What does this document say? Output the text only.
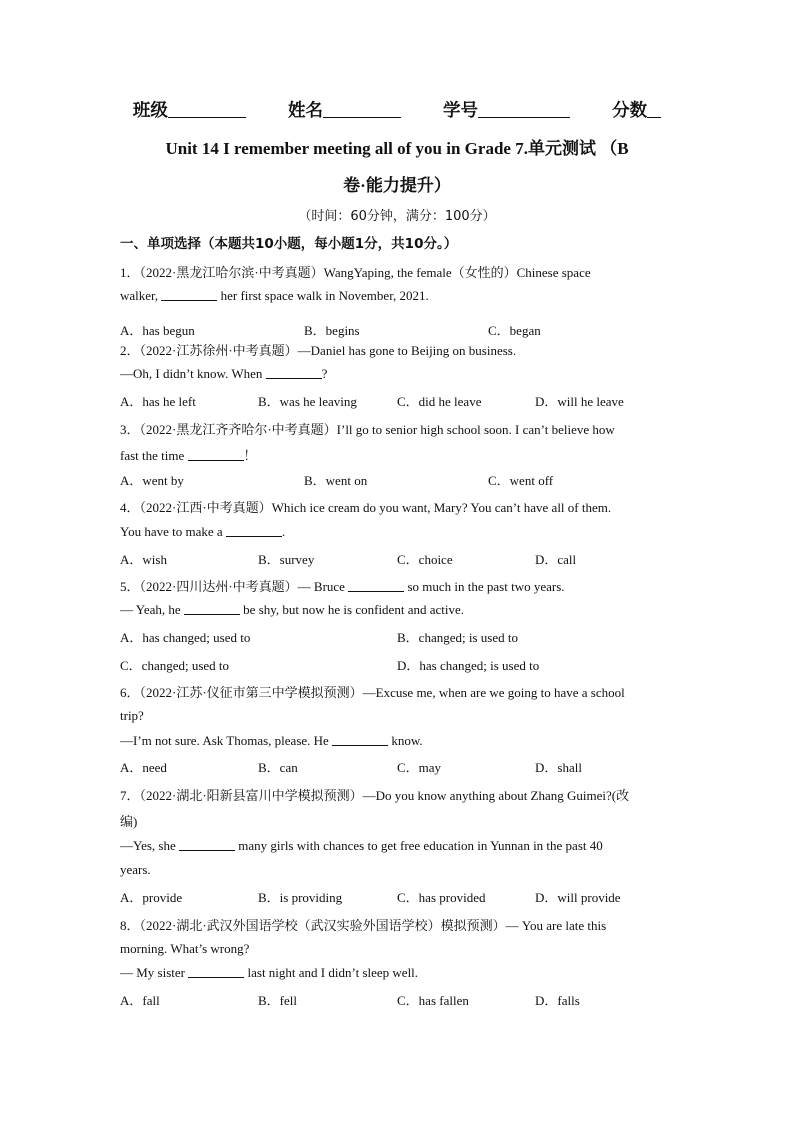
班级	姓名	学号	分数
Unit 14 I remember meeting all of you in Grade 7.单元测试 （B
卷·能力提升）
（时间：60分钟，满分：100分）
一、单项选择（本题共10小题，每小题1分，共10分。）
1．（2022·黑龙江哈尔滨·中考真题）WangYaping, the female（女性的）Chinese space
walker,	her first space walk in November, 2021.
A．has begun	B．begins	C．began
2．（2022·江苏徐州·中考真题）—Daniel has gone to Beijing on business.
—Oh, I didn’t know. When	?
A．has he left	B．was he leaving	C．did he leave	D．will he leave
3．（2022·黑龙江齐齐哈尔·中考真题）I’ll go to senior high school soon. I can’t believe how
fast the time	！
A．went by	B．went on	C．went off
4．（2022·江西·中考真题）Which ice cream do you want, Mary? You can’t have all of them.
You have to make a	.
A．wish	B．survey	C．choice	D．call
5．（2022·四川达州·中考真题）— Bruce	so much in the past two years.
— Yeah, he	be shy, but now he is confident and active.
A．has changed; used to	B．changed; is used to
C．changed; used to	D．has changed; is used to
6．（2022·江苏·仪征市第三中学模拟预测）—Excuse me, when are we going to have a school
trip?
—I’m not sure. Ask Thomas, please. He	know.
A．need	B．can	C．may	D．shall
7．（2022·湖北·阳新县富川中学模拟预测）—Do you know anything about Zhang Guimei?(改
编)
—Yes, she	many girls with chances to get free education in Yunnan in the past 40
years.
A．provide	B．is providing	C．has provided	D．will provide
8．（2022·湖北·武汉外国语学校（武汉实验外国语学校）模拟预测）— You are late this
morning. What’s wrong?
— My sister	last night and I didn’t sleep well.
A．fall	B．fell	C．has fallen	D．falls
